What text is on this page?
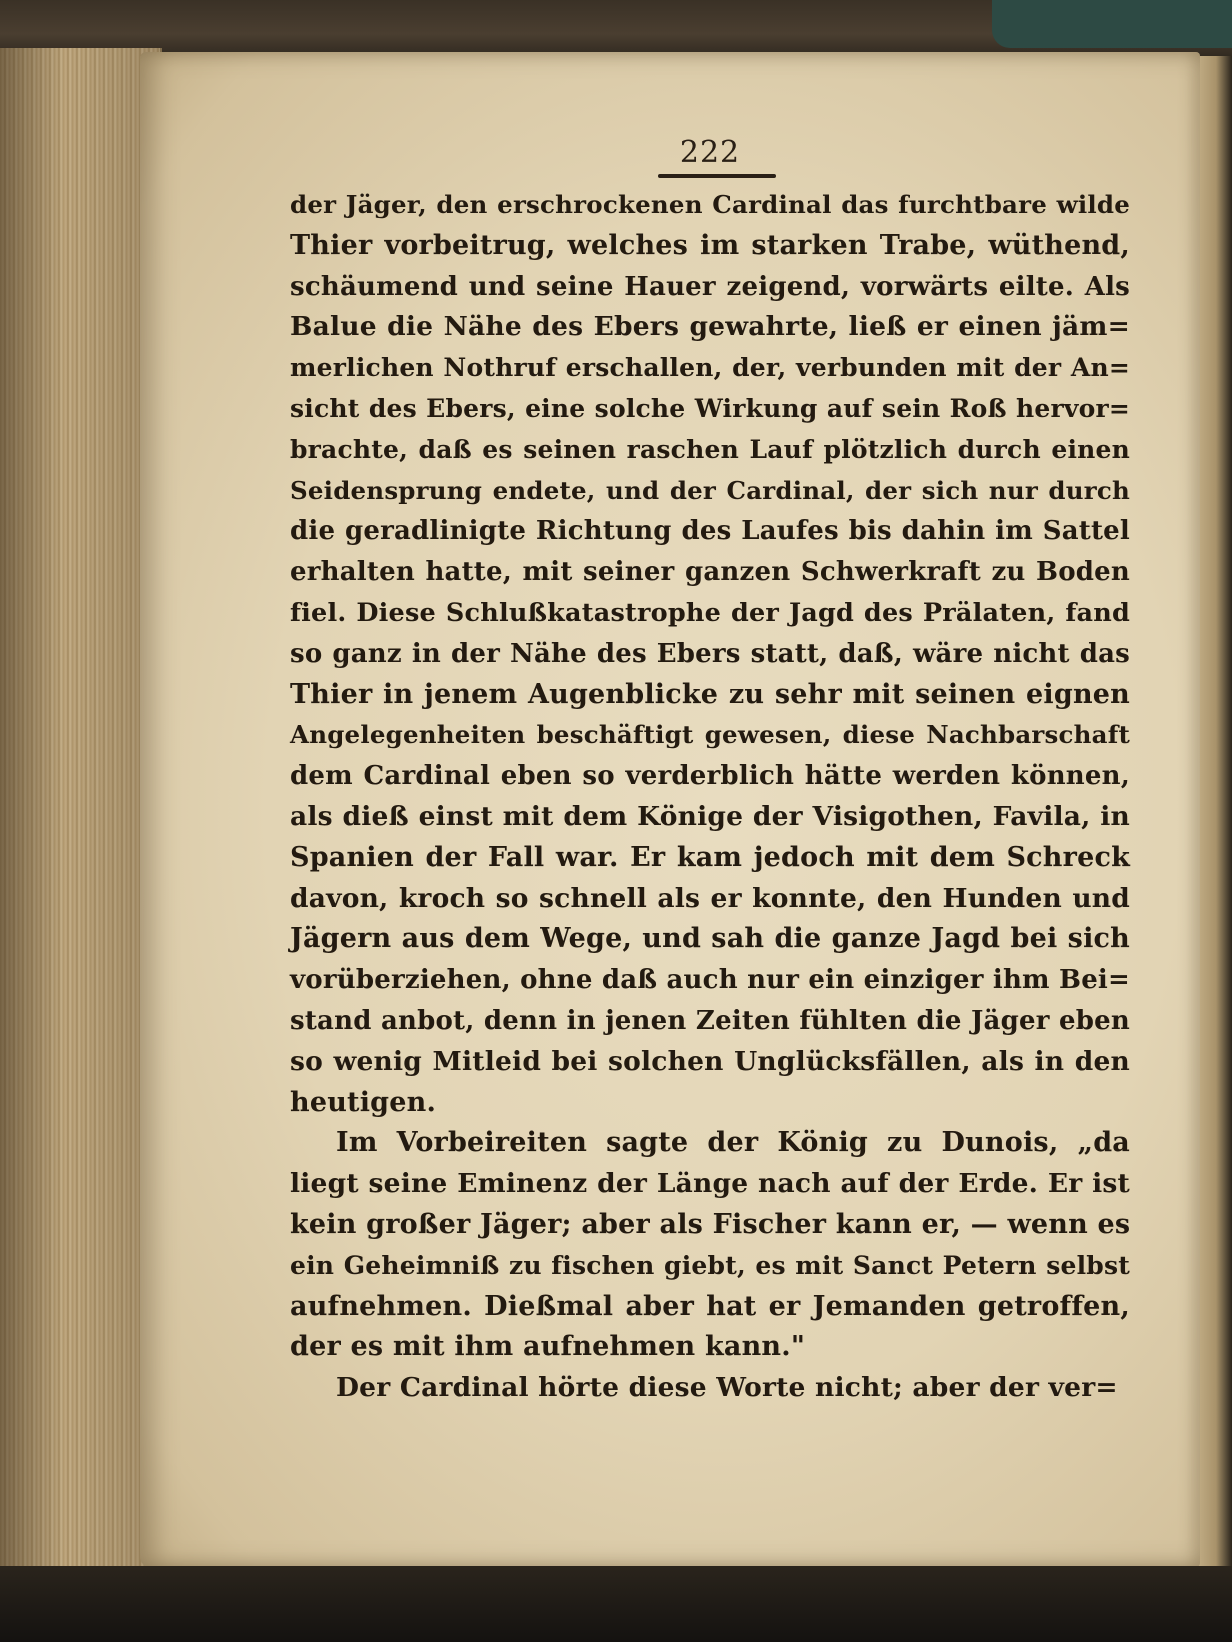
222
der Jäger, den erschrockenen Cardinal das furchtbare wilde
Thier vorbeitrug, welches im starken Trabe, wüthend,
schäumend und seine Hauer zeigend, vorwärts eilte. Als
Balue die Nähe des Ebers gewahrte, ließ er einen jäm=
merlichen Nothruf erschallen, der, verbunden mit der An=
sicht des Ebers, eine solche Wirkung auf sein Roß hervor=
brachte, daß es seinen raschen Lauf plötzlich durch einen
Seidensprung endete, und der Cardinal, der sich nur durch
die geradlinigte Richtung des Laufes bis dahin im Sattel
erhalten hatte, mit seiner ganzen Schwerkraft zu Boden
fiel. Diese Schlußkatastrophe der Jagd des Prälaten, fand
so ganz in der Nähe des Ebers statt, daß, wäre nicht das
Thier in jenem Augenblicke zu sehr mit seinen eignen
Angelegenheiten beschäftigt gewesen, diese Nachbarschaft
dem Cardinal eben so verderblich hätte werden können,
als dieß einst mit dem Könige der Visigothen, Favila, in
Spanien der Fall war. Er kam jedoch mit dem Schreck
davon, kroch so schnell als er konnte, den Hunden und
Jägern aus dem Wege, und sah die ganze Jagd bei sich
vorüberziehen, ohne daß auch nur ein einziger ihm Bei=
stand anbot, denn in jenen Zeiten fühlten die Jäger eben
so wenig Mitleid bei solchen Unglücksfällen, als in den
heutigen.
Im Vorbeireiten sagte der König zu Dunois, „da
liegt seine Eminenz der Länge nach auf der Erde. Er ist
kein großer Jäger; aber als Fischer kann er, — wenn es
ein Geheimniß zu fischen giebt, es mit Sanct Petern selbst
aufnehmen. Dießmal aber hat er Jemanden getroffen,
der es mit ihm aufnehmen kann."
Der Cardinal hörte diese Worte nicht; aber der ver=
